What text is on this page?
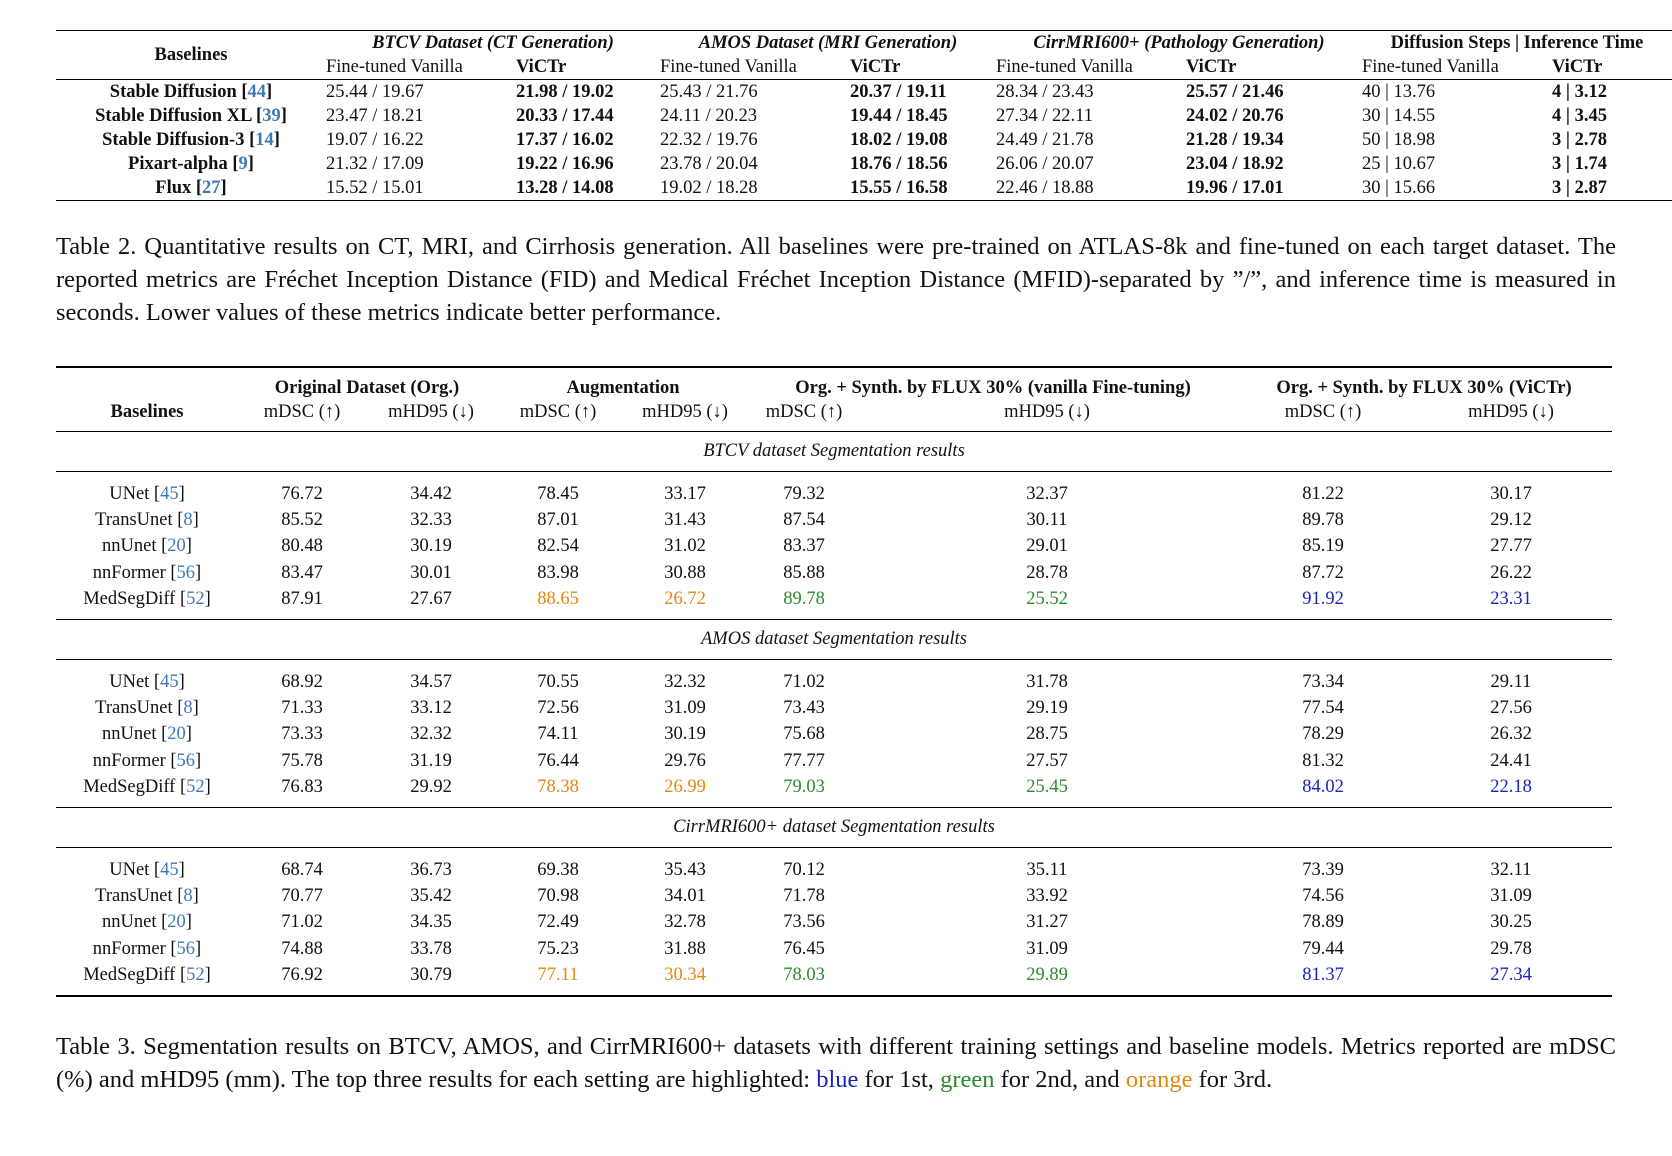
Baselines	BTCV Dataset (CT Generation)		AMOS Dataset (MRI Generation)		CirrMRI600+ (Pathology Generation)		Diffusion Steps | Inference Time	
	Fine-tuned Vanilla	ViCTr	Fine-tuned Vanilla	ViCTr	Fine-tuned Vanilla	ViCTr	Fine-tuned Vanilla	ViCTr
Stable Diffusion [44]	25.44 / 19.67	21.98 / 19.02	25.43 / 21.76	20.37 / 19.11	28.34 / 23.43	25.57 / 21.46	40 | 13.76	4 | 3.12
Stable Diffusion XL [39]	23.47 / 18.21	20.33 / 17.44	24.11 / 20.23	19.44 / 18.45	27.34 / 22.11	24.02 / 20.76	30 | 14.55	4 | 3.45
Stable Diffusion-3 [14]	19.07 / 16.22	17.37 / 16.02	22.32 / 19.76	18.02 / 19.08	24.49 / 21.78	21.28 / 19.34	50 | 18.98	3 | 2.78
Pixart-alpha [9]	21.32 / 17.09	19.22 / 16.96	23.78 / 20.04	18.76 / 18.56	26.06 / 20.07	23.04 / 18.92	25 | 10.67	3 | 1.74
Flux [27]	15.52 / 15.01	13.28 / 14.08	19.02 / 18.28	15.55 / 16.58	22.46 / 18.88	19.96 / 17.01	30 | 15.66	3 | 2.87
Table 2. Quantitative results on CT, MRI, and Cirrhosis generation. All baselines were pre-trained on ATLAS-8k and fine-tuned on each target dataset. The reported metrics are Fréchet Inception Distance (FID) and Medical Fréchet Inception Distance (MFID)-separated by ”/”, and inference time is measured in seconds. Lower values of these metrics indicate better performance.
	Original Dataset (Org.)		Augmentation		Org. + Synth. by FLUX 30% (vanilla Fine-tuning)		Org. + Synth. by FLUX 30% (ViCTr)	
Baselines	mDSC (↑)	mHD95 (↓)	mDSC (↑)	mHD95 (↓)	mDSC (↑)	mHD95 (↓)	mDSC (↑)	mHD95 (↓)
BTCV dataset Segmentation results								
UNet [45]	76.72	34.42	78.45	33.17	79.32	32.37	81.22	30.17
TransUnet [8]	85.52	32.33	87.01	31.43	87.54	30.11	89.78	29.12
nnUnet [20]	80.48	30.19	82.54	31.02	83.37	29.01	85.19	27.77
nnFormer [56]	83.47	30.01	83.98	30.88	85.88	28.78	87.72	26.22
MedSegDiff [52]	87.91	27.67	88.65	26.72	89.78	25.52	91.92	23.31
AMOS dataset Segmentation results								
UNet [45]	68.92	34.57	70.55	32.32	71.02	31.78	73.34	29.11
TransUnet [8]	71.33	33.12	72.56	31.09	73.43	29.19	77.54	27.56
nnUnet [20]	73.33	32.32	74.11	30.19	75.68	28.75	78.29	26.32
nnFormer [56]	75.78	31.19	76.44	29.76	77.77	27.57	81.32	24.41
MedSegDiff [52]	76.83	29.92	78.38	26.99	79.03	25.45	84.02	22.18
CirrMRI600+ dataset Segmentation results								
UNet [45]	68.74	36.73	69.38	35.43	70.12	35.11	73.39	32.11
TransUnet [8]	70.77	35.42	70.98	34.01	71.78	33.92	74.56	31.09
nnUnet [20]	71.02	34.35	72.49	32.78	73.56	31.27	78.89	30.25
nnFormer [56]	74.88	33.78	75.23	31.88	76.45	31.09	79.44	29.78
MedSegDiff [52]	76.92	30.79	77.11	30.34	78.03	29.89	81.37	27.34
Table 3. Segmentation results on BTCV, AMOS, and CirrMRI600+ datasets with different training settings and baseline models. Metrics reported are mDSC (%) and mHD95 (mm). The top three results for each setting are highlighted: blue for 1st, green for 2nd, and orange for 3rd.
